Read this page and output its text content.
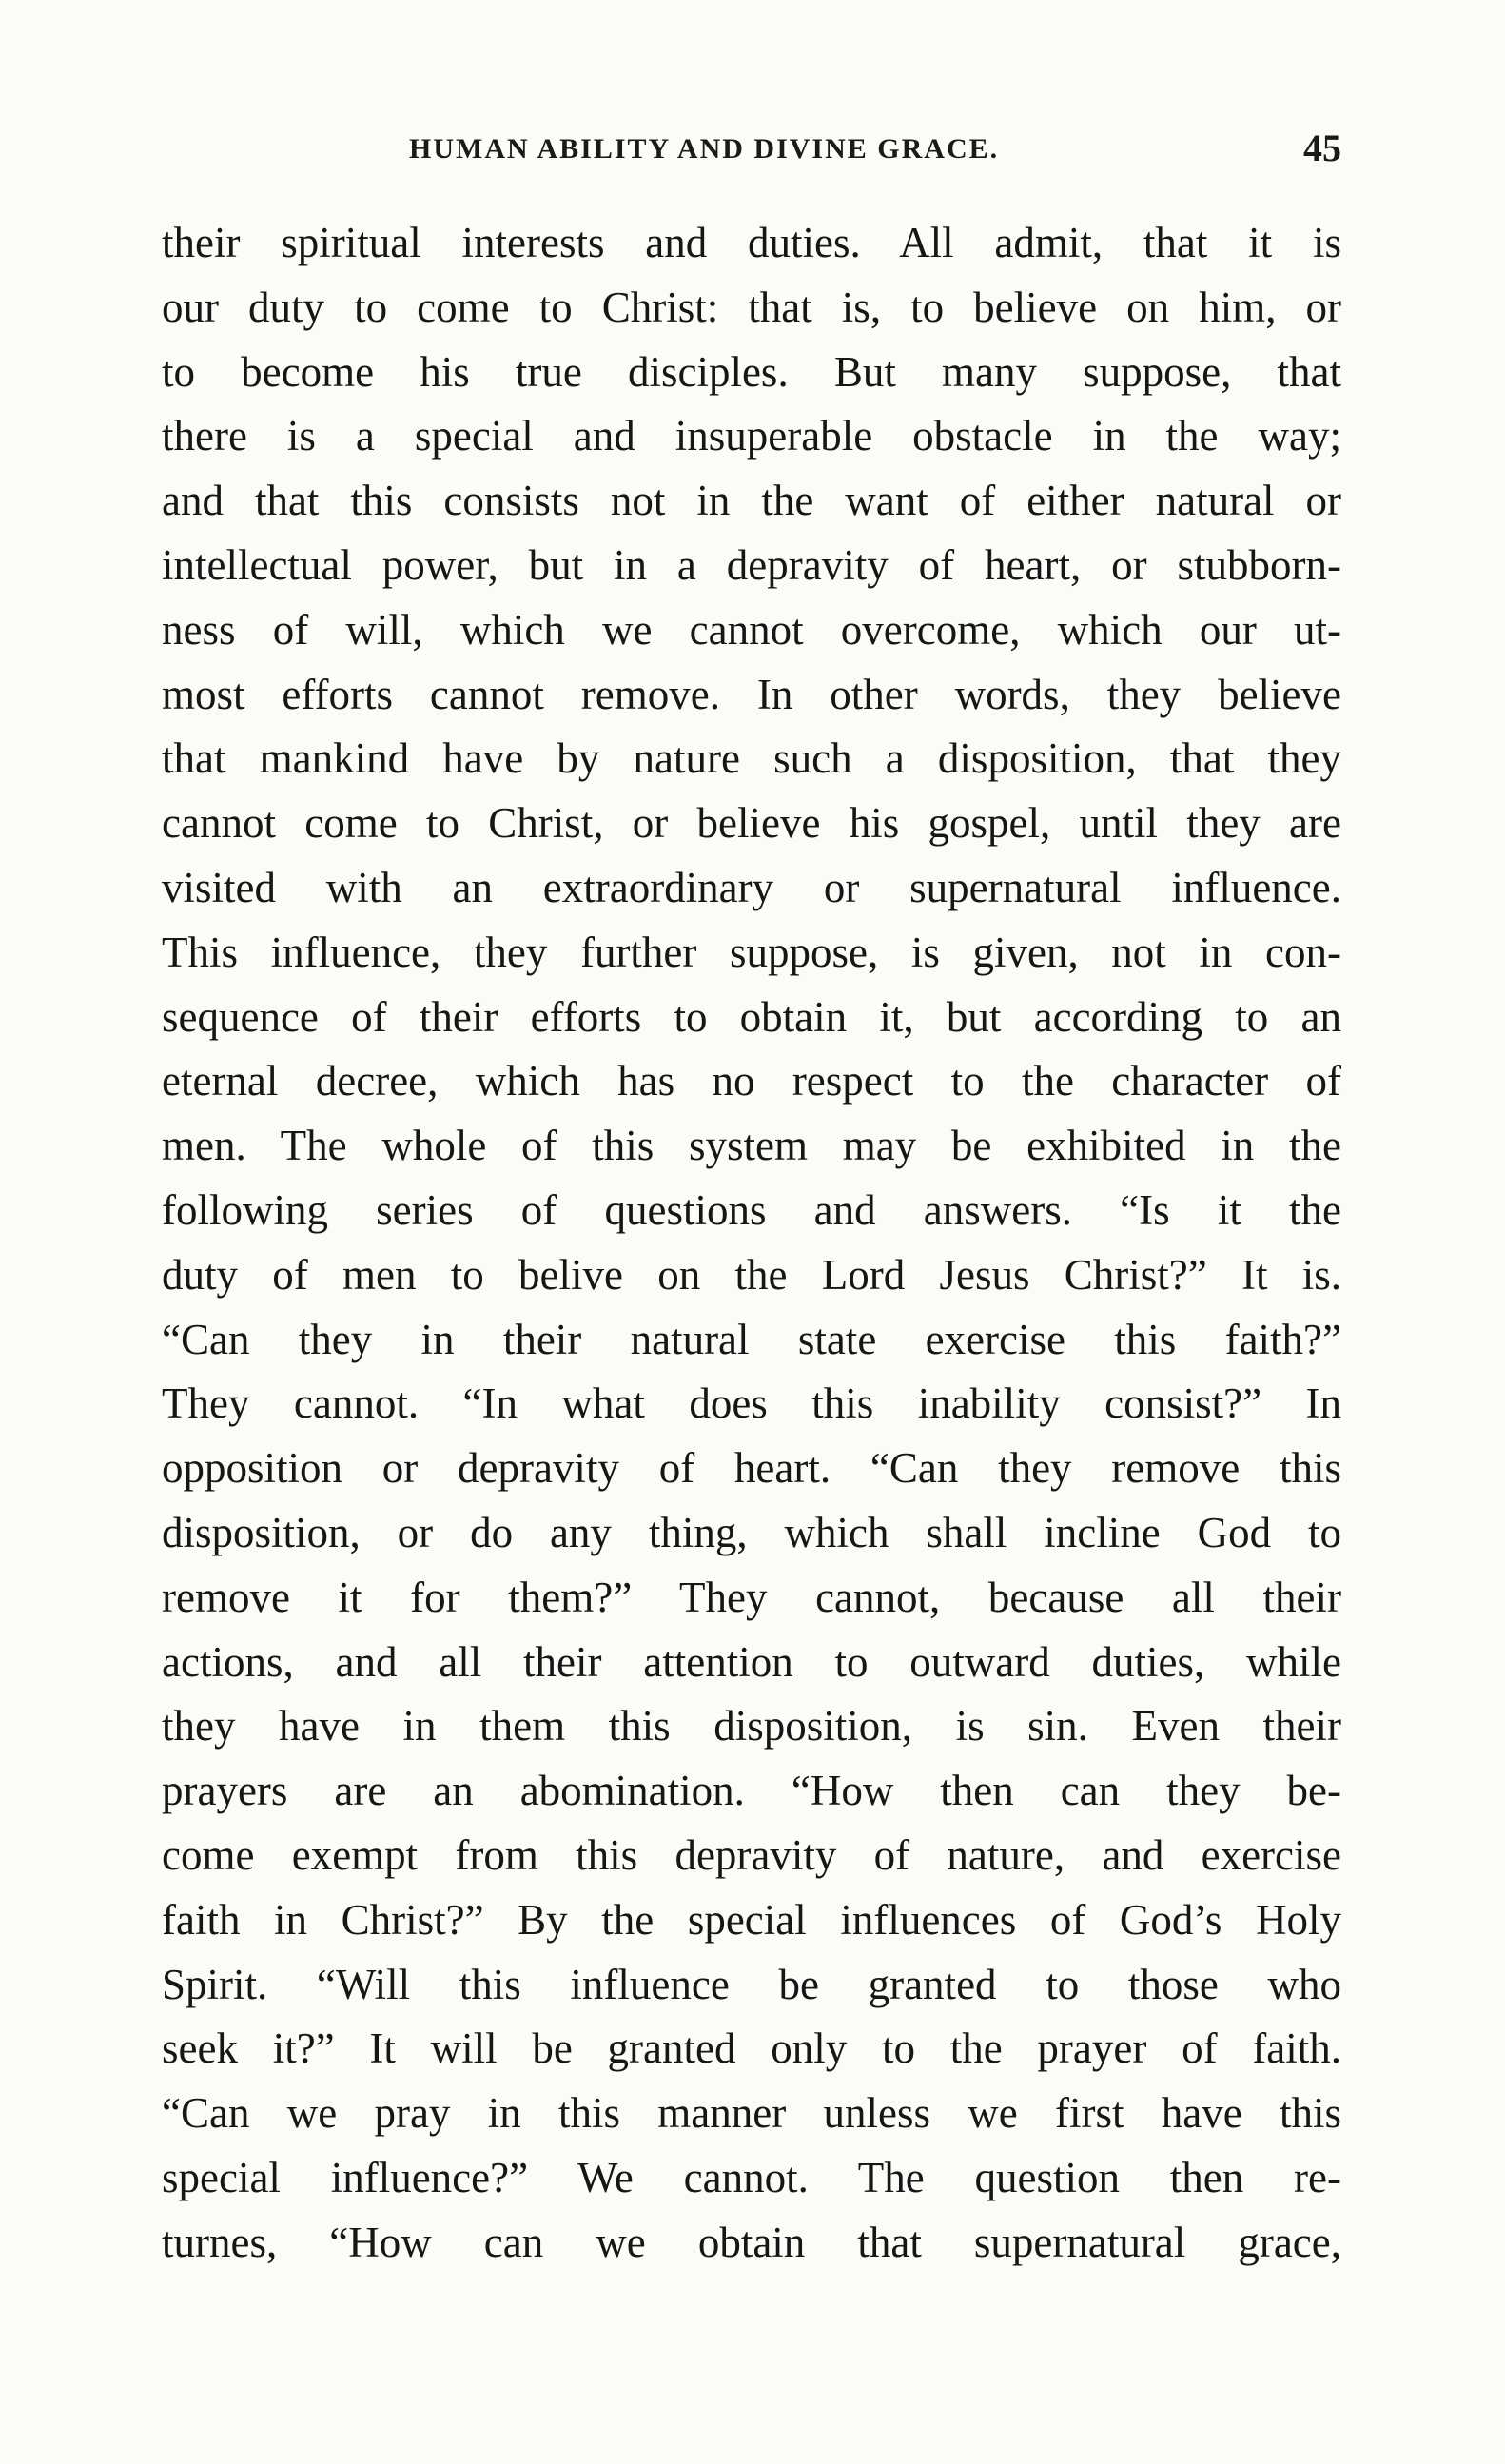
HUMAN ABILITY AND DIVINE GRACE.	45
their spiritual interests and duties. All admit, that it is
our duty to come to Christ: that is, to believe on him, or
to become his true disciples. But many suppose, that
there is a special and insuperable obstacle in the way;
and that this consists not in the want of either natural or
intellectual power, but in a depravity of heart, or stubborn-
ness of will, which we cannot overcome, which our ut-
most efforts cannot remove. In other words, they believe
that mankind have by nature such a disposition, that they
cannot come to Christ, or believe his gospel, until they are
visited with an extraordinary or supernatural influence.
This influence, they further suppose, is given, not in con-
sequence of their efforts to obtain it, but according to an
eternal decree, which has no respect to the character of
men. The whole of this system may be exhibited in the
following series of questions and answers. “Is it the
duty of men to belive on the Lord Jesus Christ?” It is.
“Can they in their natural state exercise this faith?”
They cannot. “In what does this inability consist?” In
opposition or depravity of heart. “Can they remove this
disposition, or do any thing, which shall incline God to
remove it for them?” They cannot, because all their
actions, and all their attention to outward duties, while
they have in them this disposition, is sin. Even their
prayers are an abomination. “How then can they be-
come exempt from this depravity of nature, and exercise
faith in Christ?” By the special influences of God’s Holy
Spirit. “Will this influence be granted to those who
seek it?” It will be granted only to the prayer of faith.
“Can we pray in this manner unless we first have this
special influence?” We cannot. The question then re-
turnes, “How can we obtain that supernatural grace,
